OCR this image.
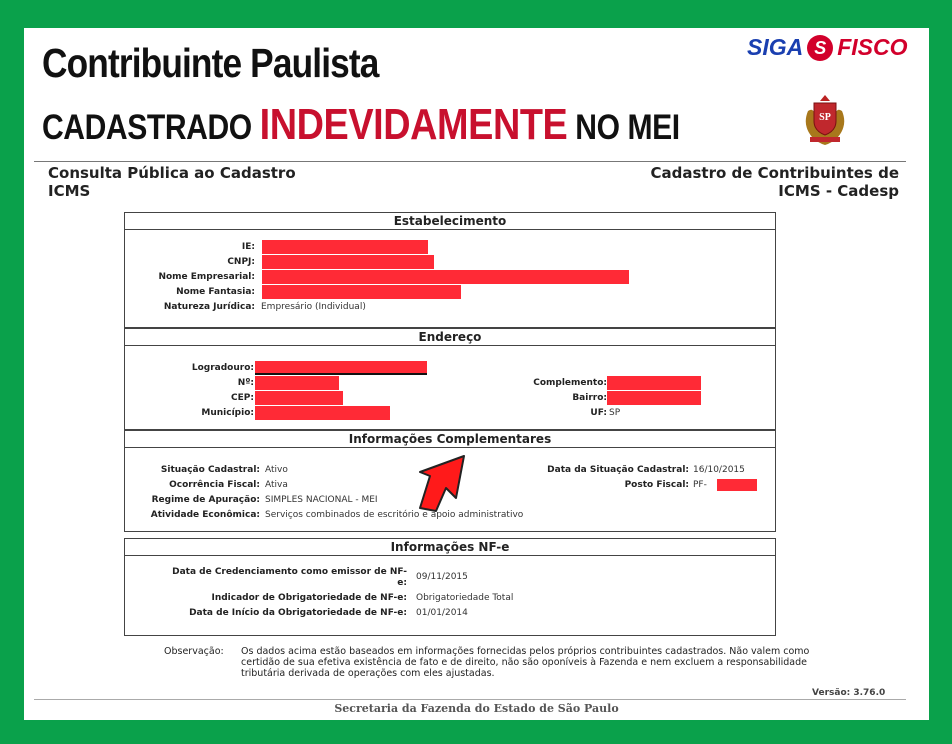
Contribuinte Paulista
CADASTRADO INDEVIDAMENTE NO MEI
SIGA S FISCO
SP
Consulta Pública ao Cadastro
ICMS
Cadastro de Contribuintes de
ICMS - Cadesp
Estabelecimento
IE:
CNPJ:
Nome Empresarial:
Nome Fantasia:
Natureza Jurídica: Empresário (Individual)
Endereço
Logradouro:
Nº:
CEP:
Município:
Complemento:
Bairro:
UF: SP
Informações Complementares
Situação Cadastral: Ativo
Ocorrência Fiscal: Ativa
Regime de Apuração: SIMPLES NACIONAL - MEI
Atividade Econômica: Serviços combinados de escritório e apoio administrativo
Data da Situação Cadastral: 16/10/2015
Posto Fiscal: PF-
Informações NF-e
Data de Credenciamento como emissor de NF-
e:
09/11/2015
Indicador de Obrigatoriedade de NF-e: Obrigatoriedade Total
Data de Início da Obrigatoriedade de NF-e: 01/01/2014
Observação: Os dados acima estão baseados em informações fornecidas pelos próprios contribuintes cadastrados. Não valem como certidão de sua efetiva existência de fato e de direito, não são oponíveis à Fazenda e nem excluem a responsabilidade tributária derivada de operações com eles ajustadas.
Versão: 3.76.0
Secretaria da Fazenda do Estado de São Paulo
